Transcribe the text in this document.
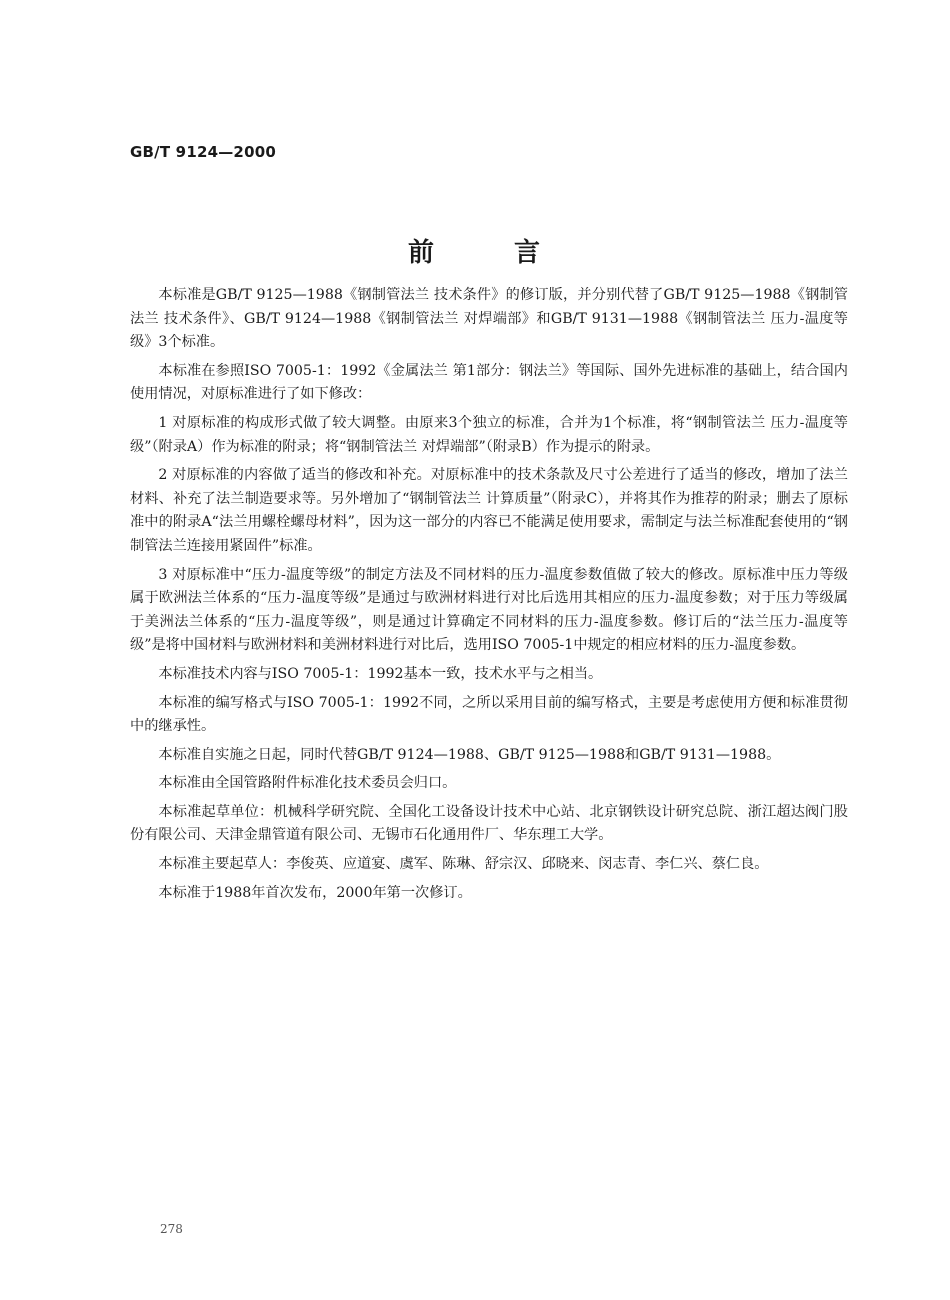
GB/T 9124—2000
前	言

本标准是GB/T 9125—1988《钢制管法兰 技术条件》的修订版，并分别代替了GB/T 9125—1988《钢制管法兰 技术条件》、GB/T 9124—1988《钢制管法兰 对焊端部》和GB/T 9131—1988《钢制管法兰 压力-温度等级》3个标准。

本标准在参照ISO 7005-1：1992《金属法兰 第1部分：钢法兰》等国际、国外先进标准的基础上，结合国内使用情况，对原标准进行了如下修改：

1 对原标准的构成形式做了较大调整。由原来3个独立的标准，合并为1个标准，将“钢制管法兰 压力-温度等级”（附录A）作为标准的附录；将“钢制管法兰 对焊端部”（附录B）作为提示的附录。

2 对原标准的内容做了适当的修改和补充。对原标准中的技术条款及尺寸公差进行了适当的修改，增加了法兰材料、补充了法兰制造要求等。另外增加了“钢制管法兰 计算质量”（附录C），并将其作为推荐的附录；删去了原标准中的附录A“法兰用螺栓螺母材料”，因为这一部分的内容已不能满足使用要求，需制定与法兰标准配套使用的“钢制管法兰连接用紧固件”标准。

3 对原标准中“压力-温度等级”的制定方法及不同材料的压力-温度参数值做了较大的修改。原标准中压力等级属于欧洲法兰体系的“压力-温度等级”是通过与欧洲材料进行对比后选用其相应的压力-温度参数；对于压力等级属于美洲法兰体系的“压力-温度等级”，则是通过计算确定不同材料的压力-温度参数。修订后的“法兰压力-温度等级”是将中国材料与欧洲材料和美洲材料进行对比后，选用ISO 7005-1中规定的相应材料的压力-温度参数。

本标准技术内容与ISO 7005-1：1992基本一致，技术水平与之相当。

本标准的编写格式与ISO 7005-1：1992不同，之所以采用目前的编写格式，主要是考虑使用方便和标准贯彻中的继承性。

本标准自实施之日起，同时代替GB/T 9124—1988、GB/T 9125—1988和GB/T 9131—1988。

本标准由全国管路附件标准化技术委员会归口。

本标准起草单位：机械科学研究院、全国化工设备设计技术中心站、北京钢铁设计研究总院、浙江超达阀门股份有限公司、天津金鼎管道有限公司、无锡市石化通用件厂、华东理工大学。

本标准主要起草人：李俊英、应道宴、虞军、陈琳、舒宗汉、邱晓来、闵志青、李仁兴、蔡仁良。

本标准于1988年首次发布，2000年第一次修订。

278
